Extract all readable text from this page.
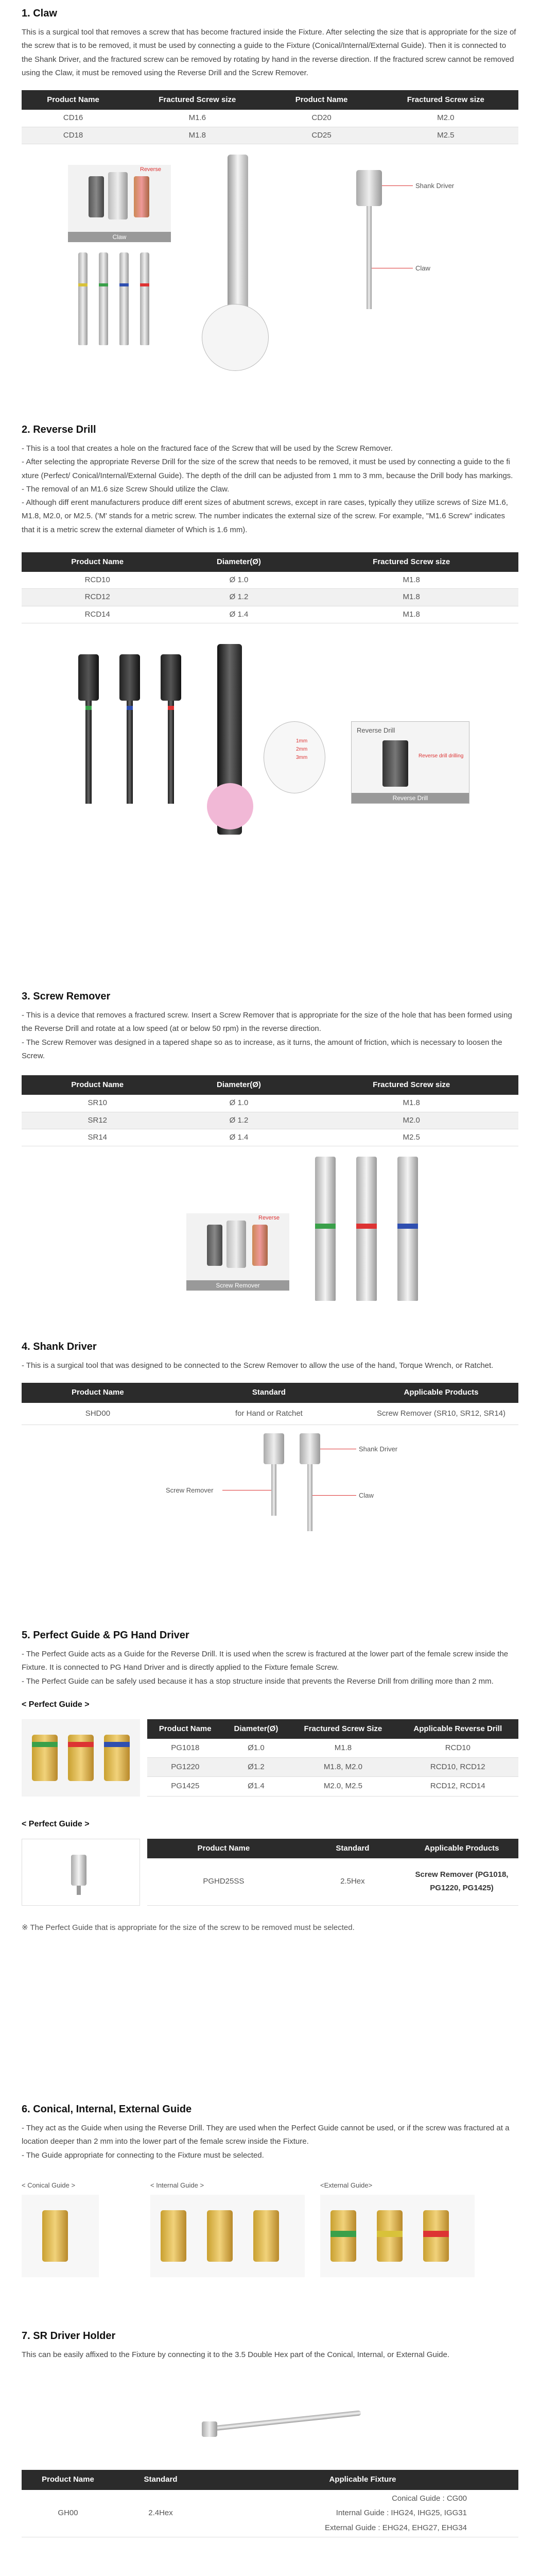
1. Claw

This is a surgical tool that removes a screw that has become fractured inside the Fixture. After selecting the size that is appropriate for the size of the screw that is to be removed, it must be used by connecting a guide to the Fixture (Conical/Internal/External Guide). Then it is connected to the Shank Driver, and the fractured screw can be removed by rotating by hand in the reverse direction. If the fractured screw cannot be removed using the Claw, it must be removed using the Reverse Drill and the Screw Remover.

Product Name	Fractured Screw size	Product Name	Fractured Screw size
CD16	M1.6	CD20	M2.0
CD18	M1.8	CD25	M2.5
Reverse
Claw
Shank Driver
Claw
2. Reverse Drill

- This is a tool that creates a hole on the fractured face of the Screw that will be used by the Screw Remover.

- After selecting the appropriate Reverse Drill for the size of the screw that needs to be removed, it must be used by connecting a guide to the fi xture (Perfect/ Conical/Internal/External Guide). The depth of the drill can be adjusted from 1 mm to 3 mm, because the Drill body has markings.

- The removal of an M1.6 size Screw Should utilize the Claw.

- Although diff erent manufacturers produce diff erent sizes of abutment screws, except in rare cases, typically they utilize screws of Size M1.6, M1.8, M2.0, or M2.5. ('M' stands for a metric screw. The number indicates the external size of the screw. For example, "M1.6 Screw" indicates that it is a metric screw the external diameter of Which is 1.6 mm).

Product Name	Diameter(Ø)	Fractured Screw size
RCD10	Ø 1.0	M1.8
RCD12	Ø 1.2	M1.8
RCD14	Ø 1.4	M1.8
1mm 2mm 3mm
Reverse Drill
Reverse drill drilling
Reverse Drill
3. Screw Remover

- This is a device that removes a fractured screw. Insert a Screw Remover that is appropriate for the size of the hole that has been formed using the Reverse Drill and rotate at a low speed (at or below 50 rpm) in the reverse direction.

- The Screw Remover was designed in a tapered shape so as to increase, as it turns, the amount of friction, which is necessary to loosen the Screw.

Product Name	Diameter(Ø)	Fractured Screw size
SR10	Ø 1.0	M1.8
SR12	Ø 1.2	M2.0
SR14	Ø 1.4	M2.5
Reverse
Screw Remover
4. Shank Driver

- This is a surgical tool that was designed to be connected to the Screw Remover to allow the use of the hand, Torque Wrench, or Ratchet.

Product Name	Standard	Applicable Products
SHD00	for Hand or Ratchet	Screw Remover (SR10, SR12, SR14)
Shank Driver
Screw Remover
Claw
5. Perfect Guide & PG Hand Driver

- The Perfect Guide acts as a Guide for the Reverse Drill. It is used when the screw is fractured at the lower part of the female screw inside the Fixture. It is connected to PG Hand Driver and is directly applied to the Fixture female Screw.

- The Perfect Guide can be safely used because it has a stop structure inside that prevents the Reverse Drill from drilling more than 2 mm.

< Perfect Guide >
Product Name	Diameter(Ø)	Fractured Screw Size	Applicable Reverse Drill
PG1018	Ø1.0	M1.8	RCD10
PG1220	Ø1.2	M1.8, M2.0	RCD10, RCD12
PG1425	Ø1.4	M2.0, M2.5	RCD12, RCD14
< Perfect Guide >
Product Name	Standard	Applicable Products
PGHD25SS	2.5Hex	Screw Remover (PG1018, PG1220, PG1425)

※ The Perfect Guide that is appropriate for the size of the screw to be removed must be selected.

6. Conical, Internal, External Guide

- They act as the Guide when using the Reverse Drill. They are used when the Perfect Guide cannot be used, or if the screw was fractured at a location deeper than 2 mm into the lower part of the female screw inside the Fixture.

- The Guide appropriate for connecting to the Fixture must be selected.

< Conical Guide >	< Internal Guide >	<External Guide>
7. SR Driver Holder

This can be easily affixed to the Fixture by connecting it to the 3.5 Double Hex part of the Conical, Internal, or External Guide.

Product Name	Standard	Applicable Fixture
GH00	2.4Hex	Conical Guide : CG00
Internal Guide : IHG24, IHG25, IGG31
External Guide : EHG24, EHG27, EHG34
